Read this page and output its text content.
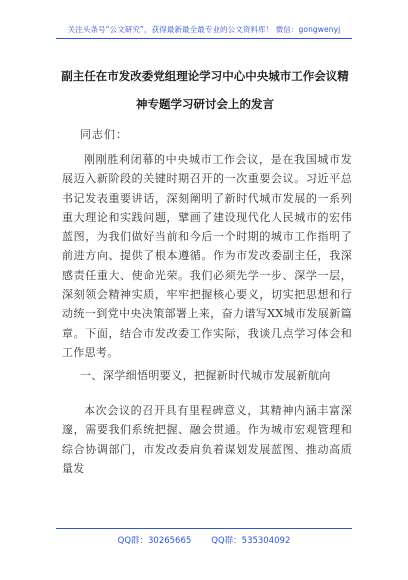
关注头条号“公文研究”，获得最新最全最专业的公文资料库！ 微信：gongwenyj
副主任在市发改委党组理论学习中心中央城市工作会议精
神专题学习研讨会上的发言
同志们：

刚刚胜利闭幕的中央城市工作会议，是在我国城市发展迈入新阶段的关键时期召开的一次重要会议。习近平总书记发表重要讲话，深刻阐明了新时代城市发展的一系列重大理论和实践问题，擘画了建设现代化人民城市的宏伟蓝图，为我们做好当前和今后一个时期的城市工作指明了前进方向、提供了根本遵循。作为市发改委副主任，我深感责任重大、使命光荣。我们必须先学一步、深学一层，深刻领会精神实质，牢牢把握核心要义，切实把思想和行动统一到党中央决策部署上来，奋力谱写XX城市发展新篇章。下面，结合市发改委工作实际，我谈几点学习体会和工作思考。

一、深学细悟明要义，把握新时代城市发展新航向

本次会议的召开具有里程碑意义，其精神内涵丰富深邃，需要我们系统把握、融会贯通。作为城市宏观管理和综合协调部门，市发改委肩负着谋划发展蓝图、推动高质量发

QQ群：30265665 QQ群：535304092
